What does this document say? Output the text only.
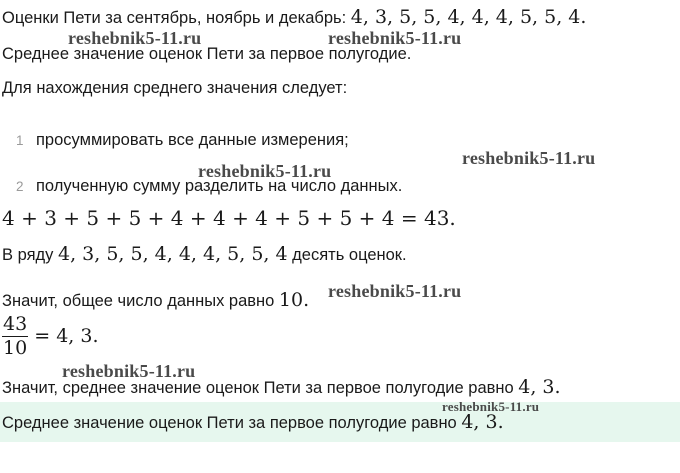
Оценки Пети за сентябрь, ноябрь и декабрь: 4, 3, 5, 5, 4, 4, 4, 5, 5, 4.
reshebnik5-11.ru	reshebnik5-11.ru
Среднее значение оценок Пети за первое полугодие.
Для нахождения среднего значения следует:
1 просуммировать все данные измерения;
reshebnik5-11.ru
reshebnik5-11.ru
2 полученную сумму разделить на число данных.
4 + 3 + 5 + 5 + 4 + 4 + 4 + 5 + 5 + 4 = 43.
В ряду 4, 3, 5, 5, 4, 4, 4, 5, 5, 4 десять оценок.
Значит, общее число данных равно 10. reshebnik5-11.ru
$\frac{43}{10} = 4$, 3.
reshebnik5-11.ru
Значит, среднее значение оценок Пети за первое полугодие равно 4, 3.
reshebnik5-11.ru
Среднее значение оценок Пети за первое полугодие равно 4, 3.
